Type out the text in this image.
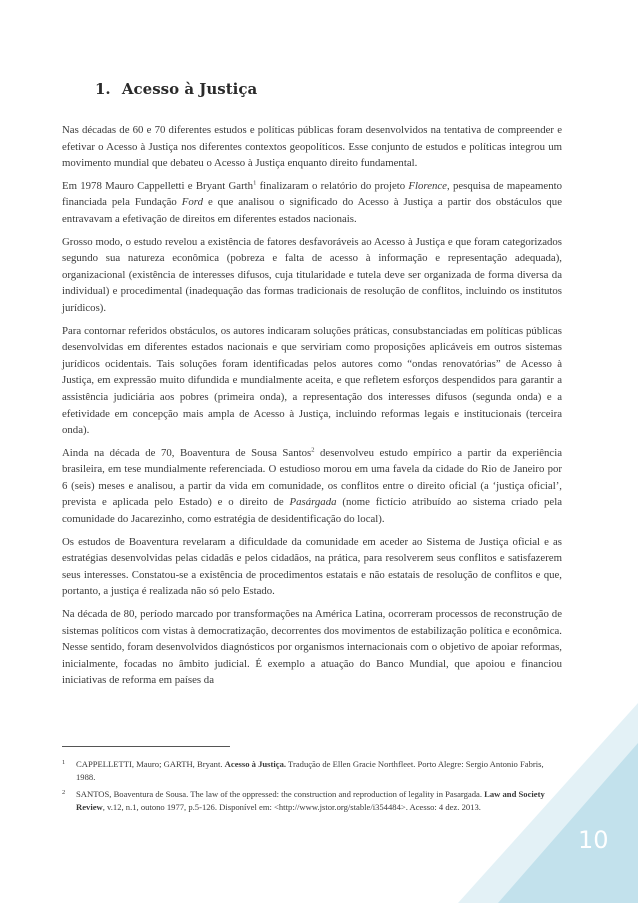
1. Acesso à Justiça

Nas décadas de 60 e 70 diferentes estudos e políticas públicas foram desenvolvidos na tentativa de compreender e efetivar o Acesso à Justiça nos diferentes contextos geopolíticos. Esse conjunto de estudos e políticas integrou um movimento mundial que debateu o Acesso à Justiça enquanto direito fundamental.

Em 1978 Mauro Cappelletti e Bryant Garth$^1$ finalizaram o relatório do projeto Florence, pesquisa de mapeamento financiada pela Fundação Ford e que analisou o significado do Acesso à Justiça a partir dos obstáculos que entravavam a efetivação de direitos em diferentes estados nacionais.

Grosso modo, o estudo revelou a existência de fatores desfavoráveis ao Acesso à Justiça e que foram categorizados segundo sua natureza econômica (pobreza e falta de acesso à informação e representação adequada), organizacional (existência de interesses difusos, cuja titularidade e tutela deve ser organizada de forma diversa da individual) e procedimental (inadequação das formas tradicionais de resolução de conflitos, incluindo os institutos jurídicos).

Para contornar referidos obstáculos, os autores indicaram soluções práticas, consubstanciadas em políticas públicas desenvolvidas em diferentes estados nacionais e que serviriam como proposições aplicáveis em outros sistemas jurídicos ocidentais. Tais soluções foram identificadas pelos autores como “ondas renovatórias” de Acesso à Justiça, em expressão muito difundida e mundialmente aceita, e que refletem esforços despendidos para garantir a assistência judiciária aos pobres (primeira onda), a representação dos interesses difusos (segunda onda) e a efetividade em concepção mais ampla de Acesso à Justiça, incluindo reformas legais e institucionais (terceira onda).

Ainda na década de 70, Boaventura de Sousa Santos$^2$ desenvolveu estudo empírico a partir da experiência brasileira, em tese mundialmente referenciada. O estudioso morou em uma favela da cidade do Rio de Janeiro por 6 (seis) meses e analisou, a partir da vida em comunidade, os conflitos entre o direito oficial (a ‘justiça oficial’, prevista e aplicada pelo Estado) e o direito de Pasárgada (nome fictício atribuído ao sistema criado pela comunidade do Jacarezinho, como estratégia de desidentificação do local).

Os estudos de Boaventura revelaram a dificuldade da comunidade em aceder ao Sistema de Justiça oficial e as estratégias desenvolvidas pelas cidadãs e pelos cidadãos, na prática, para resolverem seus conflitos e satisfazerem seus interesses. Constatou-se a existência de procedimentos estatais e não estatais de resolução de conflitos e que, portanto, a justiça é realizada não só pelo Estado.

Na década de 80, período marcado por transformações na América Latina, ocorreram processos de reconstrução de sistemas políticos com vistas à democratização, decorrentes dos movimentos de estabilização política e econômica. Nesse sentido, foram desenvolvidos diagnósticos por organismos internacionais com o objetivo de apoiar reformas, inicialmente, focadas no âmbito judicial. É exemplo a atuação do Banco Mundial, que apoiou e financiou iniciativas de reforma em países da

1 CAPPELLETTI, Mauro; GARTH, Bryant. Acesso à Justiça. Tradução de Ellen Gracie Northfleet. Porto Alegre: Sergio Antonio Fabris, 1988.
2 SANTOS, Boaventura de Sousa. The law of the oppressed: the construction and reproduction of legality in Pasargada. Law and Society Review, v.12, n.1, outono 1977, p.5-126. Disponível em: <http://www.jstor.org/stable/i354484>. Acesso: 4 dez. 2013.
10
